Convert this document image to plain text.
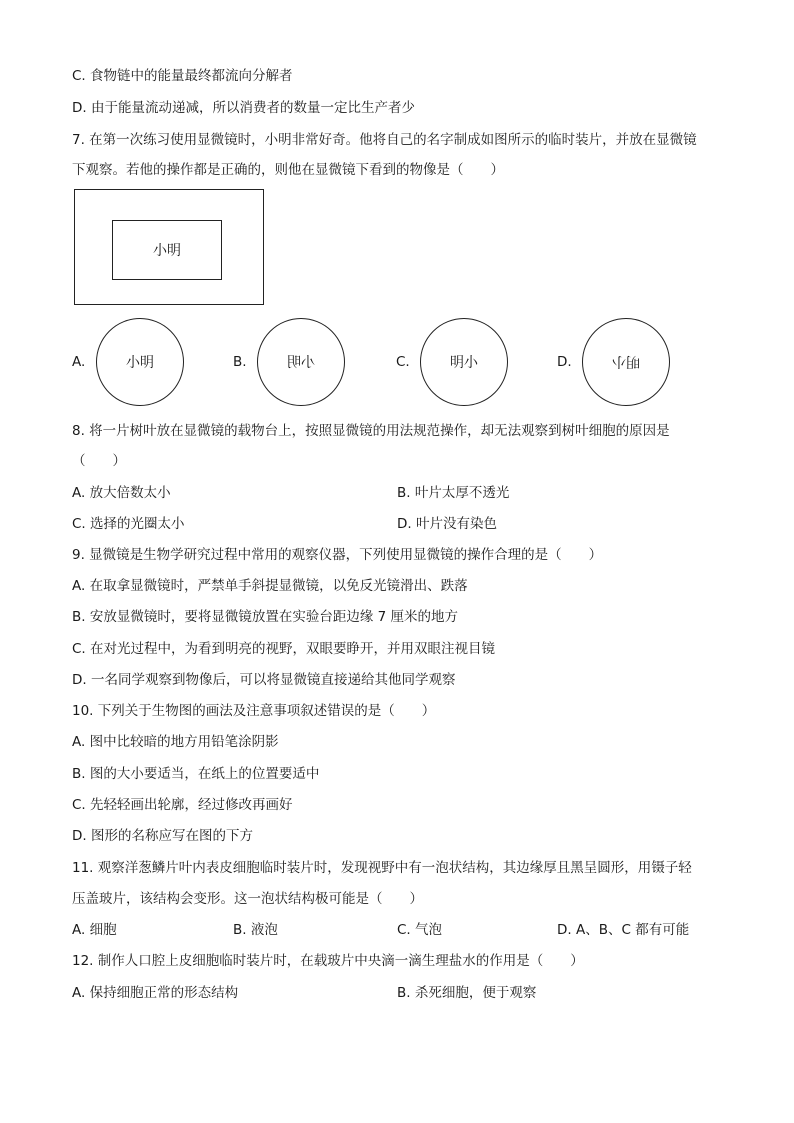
C. 食物链中的能量最终都流向分解者
D. 由于能量流动递减，所以消费者的数量一定比生产者少
7. 在第一次练习使用显微镜时，小明非常好奇。他将自己的名字制成如图所示的临时装片，并放在显微镜
下观察。若他的操作都是正确的，则他在显微镜下看到的物像是（　　）
小明
A.	小明	B.	小明	C.	明小	D.	明小
8. 将一片树叶放在显微镜的载物台上，按照显微镜的用法规范操作，却无法观察到树叶细胞的原因是
（　　）
A. 放大倍数太小	B. 叶片太厚不透光
C. 选择的光圈太小	D. 叶片没有染色
9. 显微镜是生物学研究过程中常用的观察仪器，下列使用显微镜的操作合理的是（　　）
A. 在取拿显微镜时，严禁单手斜提显微镜，以免反光镜滑出、跌落
B. 安放显微镜时，要将显微镜放置在实验台距边缘 7 厘米的地方
C. 在对光过程中，为看到明亮的视野，双眼要睁开，并用双眼注视目镜
D. 一名同学观察到物像后，可以将显微镜直接递给其他同学观察
10. 下列关于生物图的画法及注意事项叙述错误的是（　　）
A. 图中比较暗的地方用铅笔涂阴影
B. 图的大小要适当，在纸上的位置要适中
C. 先轻轻画出轮廓，经过修改再画好
D. 图形的名称应写在图的下方
11. 观察洋葱鳞片叶内表皮细胞临时装片时，发现视野中有一泡状结构，其边缘厚且黑呈圆形，用镊子轻
压盖玻片，该结构会变形。这一泡状结构极可能是（　　）
A. 细胞	B. 液泡	C. 气泡	D. A、B、C 都有可能
12. 制作人口腔上皮细胞临时装片时，在载玻片中央滴一滴生理盐水的作用是（　　）
A. 保持细胞正常的形态结构	B. 杀死细胞，便于观察
